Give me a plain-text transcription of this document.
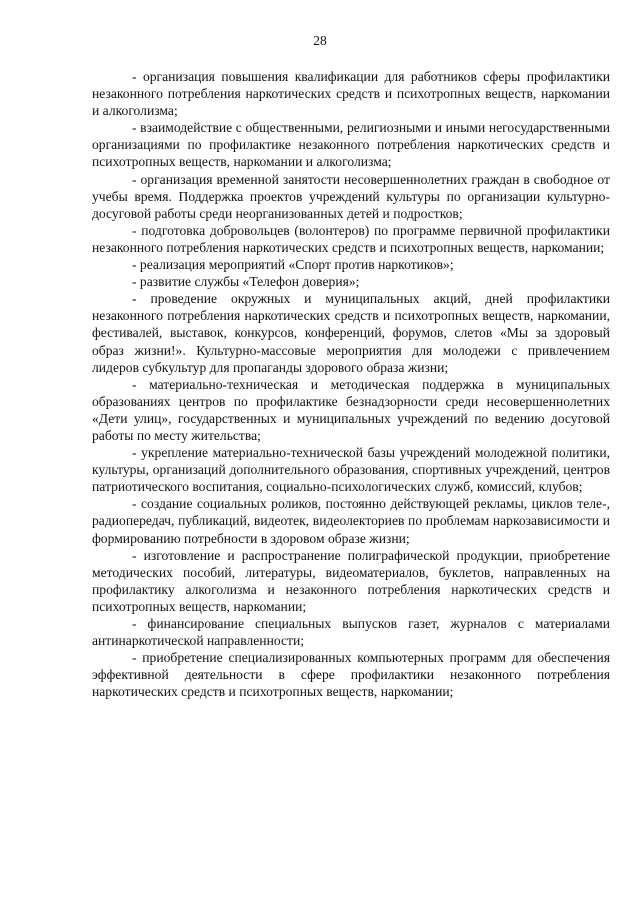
28

- организация повышения квалификации для работников сферы профилактики незаконного потребления наркотических средств и психотропных веществ, наркомании и алкоголизма;

- взаимодействие с общественными, религиозными и иными негосударственными организациями по профилактике незаконного потребления наркотических средств и психотропных веществ, наркомании и алкоголизма;

- организация временной занятости несовершеннолетних граждан в свободное от учебы время. Поддержка проектов учреждений культуры по организации культурно-досуговой работы среди неорганизованных детей и подростков;

- подготовка добровольцев (волонтеров) по программе первичной профилактики незаконного потребления наркотических средств и психотропных веществ, наркомании;

- реализация мероприятий «Спорт против наркотиков»;

- развитие службы «Телефон доверия»;

- проведение окружных и муниципальных акций, дней профилактики незаконного потребления наркотических средств и психотропных веществ, наркомании, фестивалей, выставок, конкурсов, конференций, форумов, слетов «Мы за здоровый образ жизни!». Культурно-массовые мероприятия для молодежи с привлечением лидеров субкультур для пропаганды здорового образа жизни;

- материально-техническая и методическая поддержка в муниципальных образованиях центров по профилактике безнадзорности среди несовершеннолетних «Дети улиц», государственных и муниципальных учреждений по ведению досуговой работы по месту жительства;

- укрепление материально-технической базы учреждений молодежной политики, культуры, организаций дополнительного образования, спортивных учреждений, центров патриотического воспитания, социально-психологических служб, комиссий, клубов;

- создание социальных роликов, постоянно действующей рекламы, циклов теле-, радиопередач, публикаций, видеотек, видеолекториев по проблемам наркозависимости и формированию потребности в здоровом образе жизни;

- изготовление и распространение полиграфической продукции, приобретение методических пособий, литературы, видеоматериалов, буклетов, направленных на профилактику алкоголизма и незаконного потребления наркотических средств и психотропных веществ, наркомании;

- финансирование специальных выпусков газет, журналов с материалами антинаркотической направленности;

- приобретение специализированных компьютерных программ для обеспечения эффективной деятельности в сфере профилактики незаконного потребления наркотических средств и психотропных веществ, наркомании;
